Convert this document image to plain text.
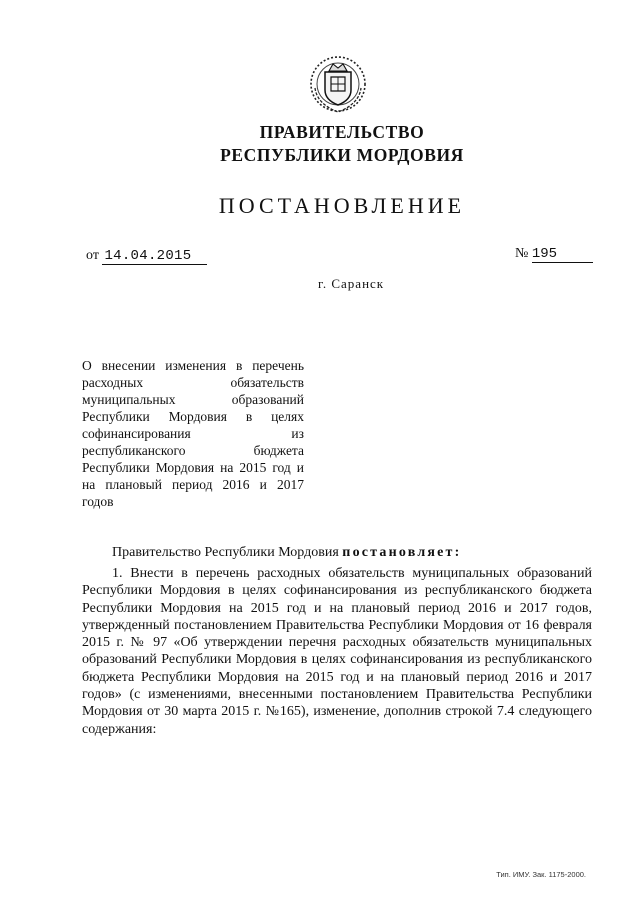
ПРАВИТЕЛЬСТВО
РЕСПУБЛИКИ МОРДОВИЯ
ПОСТАНОВЛЕНИЕ
от 14.04.2015	№ 195
г. Саранск
О внесении изменения в перечень расходных обязательств муниципальных образований Республики Мордовия в целях софинансирования из республиканского бюджета Республики Мордовия на 2015 год и на плановый период 2016 и 2017 годов
Правительство Республики Мордовия постановляет:
1. Внести в перечень расходных обязательств муниципальных образований Республики Мордовия в целях софинансирования из республиканского бюджета Республики Мордовия на 2015 год и на плановый период 2016 и 2017 годов, утвержденный постановлением Правительства Республики Мордовия от 16 февраля 2015 г. № 97 «Об утверждении перечня расходных обязательств муниципальных образований Республики Мордовия в целях софинансирования из республиканского бюджета Республики Мордовия на 2015 год и на плановый период 2016 и 2017 годов» (с изменениями, внесенными постановлением Правительства Республики Мордовия от 30 марта 2015 г. №165), изменение, дополнив строкой 7.4 следующего содержания:
Тип. ИМУ. Зак. 1175-2000.
